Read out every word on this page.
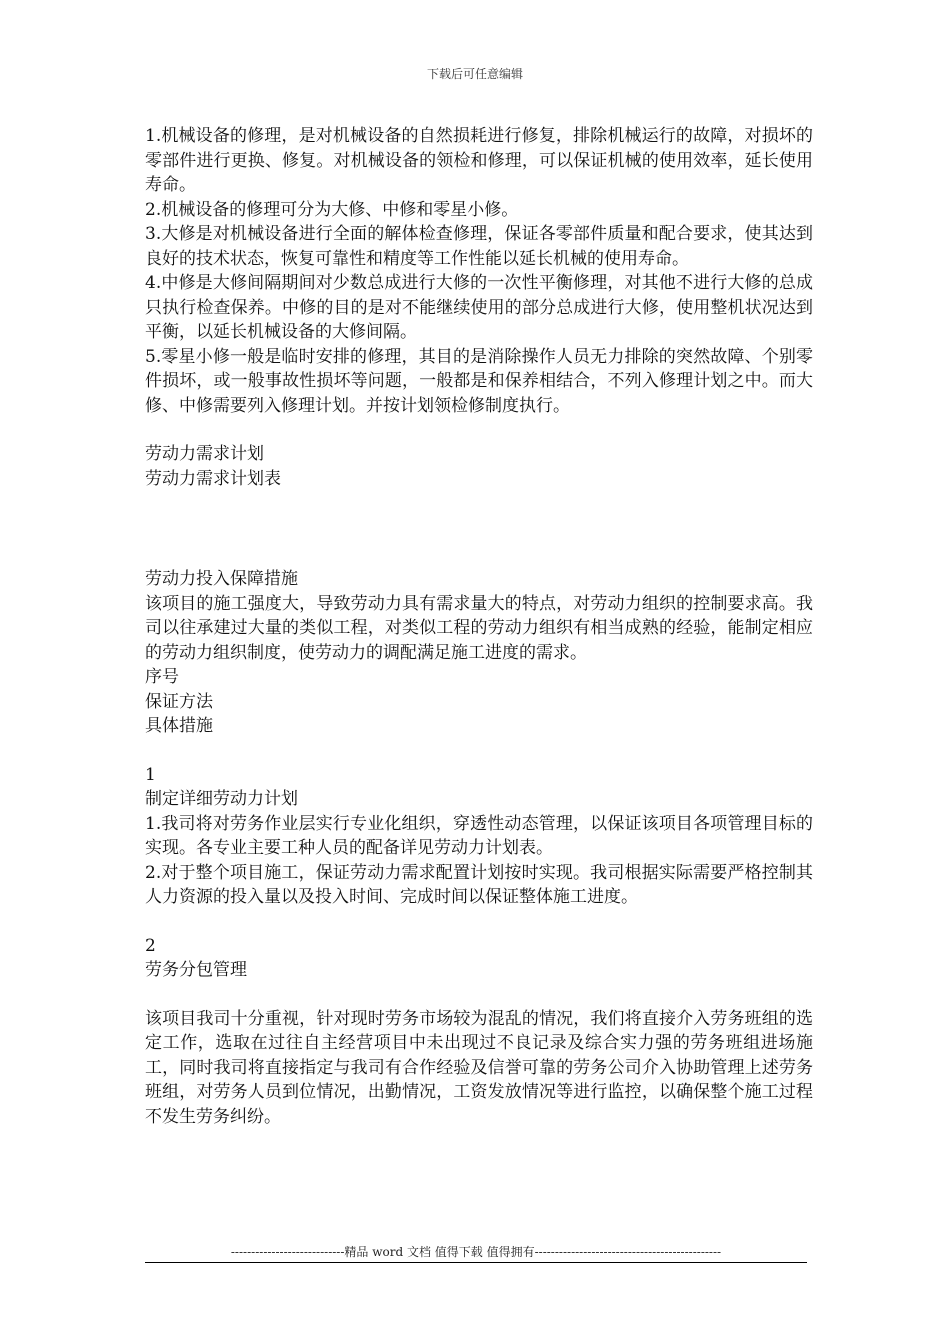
下载后可任意编辑

1.机械设备的修理，是对机械设备的自然损耗进行修复，排除机械运行的故障，对损坏的零部件进行更换、修复。对机械设备的领检和修理，可以保证机械的使用效率，延长使用寿命。

2.机械设备的修理可分为大修、中修和零星小修。

3.大修是对机械设备进行全面的解体检查修理，保证各零部件质量和配合要求，使其达到良好的技术状态，恢复可靠性和精度等工作性能以延长机械的使用寿命。

4.中修是大修间隔期间对少数总成进行大修的一次性平衡修理，对其他不进行大修的总成只执行检查保养。中修的目的是对不能继续使用的部分总成进行大修，使用整机状况达到平衡，以延长机械设备的大修间隔。

5.零星小修一般是临时安排的修理，其目的是消除操作人员无力排除的突然故障、个别零件损坏，或一般事故性损坏等问题，一般都是和保养相结合，不列入修理计划之中。而大修、中修需要列入修理计划。并按计划领检修制度执行。

劳动力需求计划

劳动力需求计划表

劳动力投入保障措施

该项目的施工强度大，导致劳动力具有需求量大的特点，对劳动力组织的控制要求高。我司以往承建过大量的类似工程，对类似工程的劳动力组织有相当成熟的经验，能制定相应的劳动力组织制度，使劳动力的调配满足施工进度的需求。

序号

保证方法

具体措施

1

制定详细劳动力计划

1.我司将对劳务作业层实行专业化组织，穿透性动态管理，以保证该项目各项管理目标的实现。各专业主要工种人员的配备详见劳动力计划表。

2.对于整个项目施工，保证劳动力需求配置计划按时实现。我司根据实际需要严格控制其人力资源的投入量以及投入时间、完成时间以保证整体施工进度。

2

劳务分包管理

该项目我司十分重视，针对现时劳务市场较为混乱的情况，我们将直接介入劳务班组的选定工作，选取在过往自主经营项目中未出现过不良记录及综合实力强的劳务班组进场施工，同时我司将直接指定与我司有合作经验及信誉可靠的劳务公司介入协助管理上述劳务班组，对劳务人员到位情况，出勤情况，工资发放情况等进行监控，以确保整个施工过程不发生劳务纠纷。

----------------------------精品 word 文档 值得下载 值得拥有----------------------------------------------
